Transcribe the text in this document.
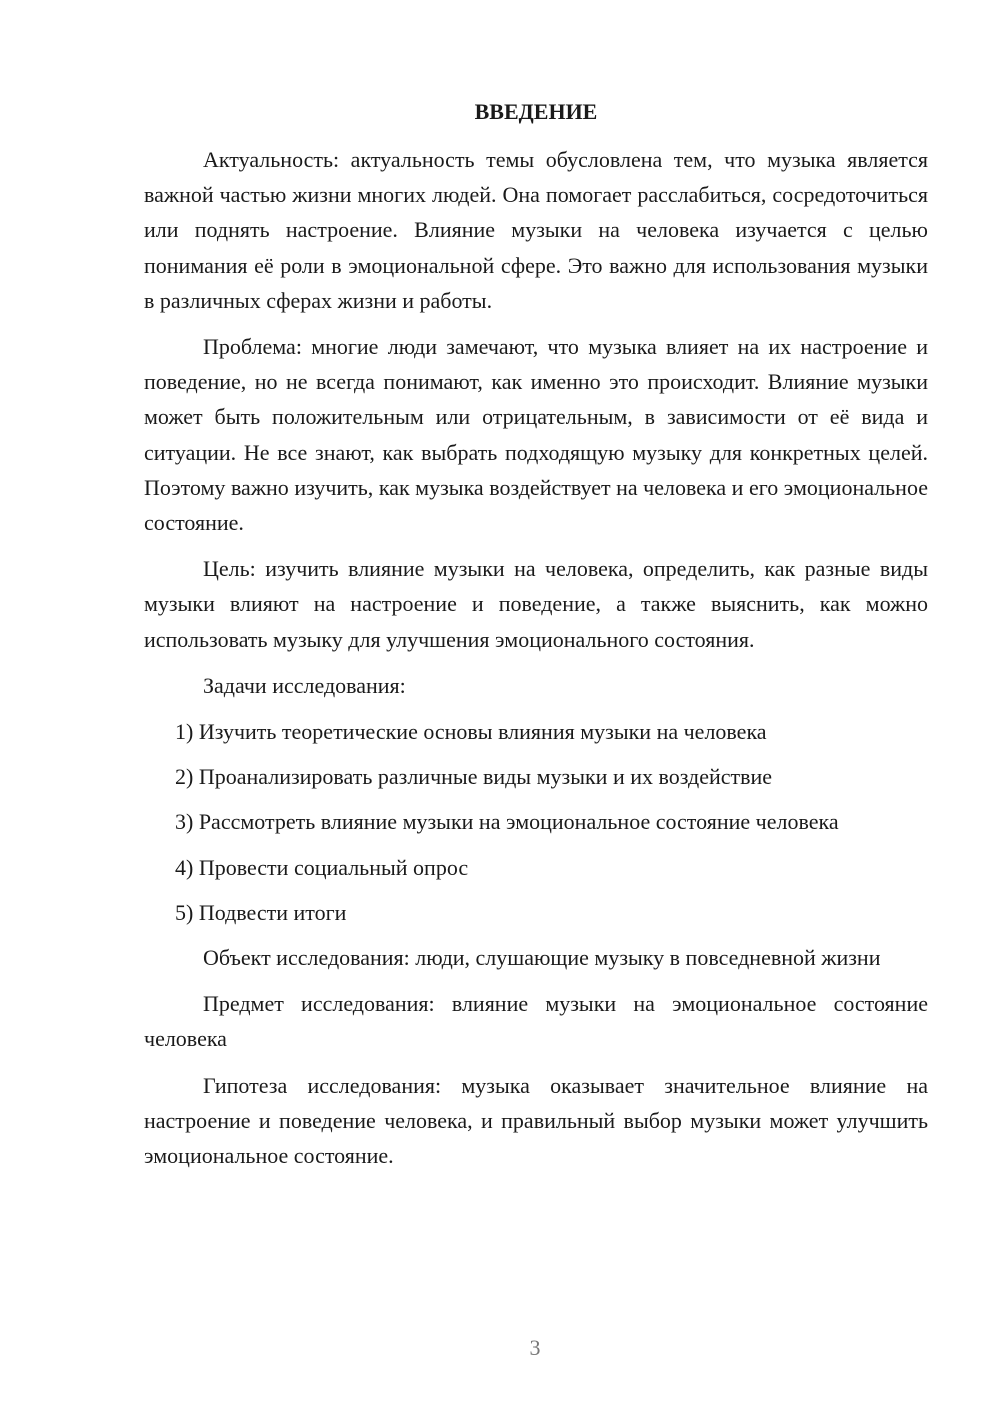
ВВЕДЕНИЕ

Актуальность: актуальность темы обусловлена тем, что музыка является важной частью жизни многих людей. Она помогает расслабиться, сосредоточиться или поднять настроение. Влияние музыки на человека изучается с целью понимания её роли в эмоциональной сфере. Это важно для использования музыки в различных сферах жизни и работы.

Проблема: многие люди замечают, что музыка влияет на их настроение и поведение, но не всегда понимают, как именно это происходит. Влияние музыки может быть положительным или отрицательным, в зависимости от её вида и ситуации. Не все знают, как выбрать подходящую музыку для конкретных целей. Поэтому важно изучить, как музыка воздействует на человека и его эмоциональное состояние.

Цель: изучить влияние музыки на человека, определить, как разные виды музыки влияют на настроение и поведение, а также выяснить, как можно использовать музыку для улучшения эмоционального состояния.

Задачи исследования:

1) Изучить теоретические основы влияния музыки на человека

2) Проанализировать различные виды музыки и их воздействие

3) Рассмотреть влияние музыки на эмоциональное состояние человека

4) Провести социальный опрос

5) Подвести итоги

Объект исследования: люди, слушающие музыку в повседневной жизни

Предмет исследования: влияние музыки на эмоциональное состояние человека

Гипотеза исследования: музыка оказывает значительное влияние на настроение и поведение человека, и правильный выбор музыки может улучшить эмоциональное состояние.

3
